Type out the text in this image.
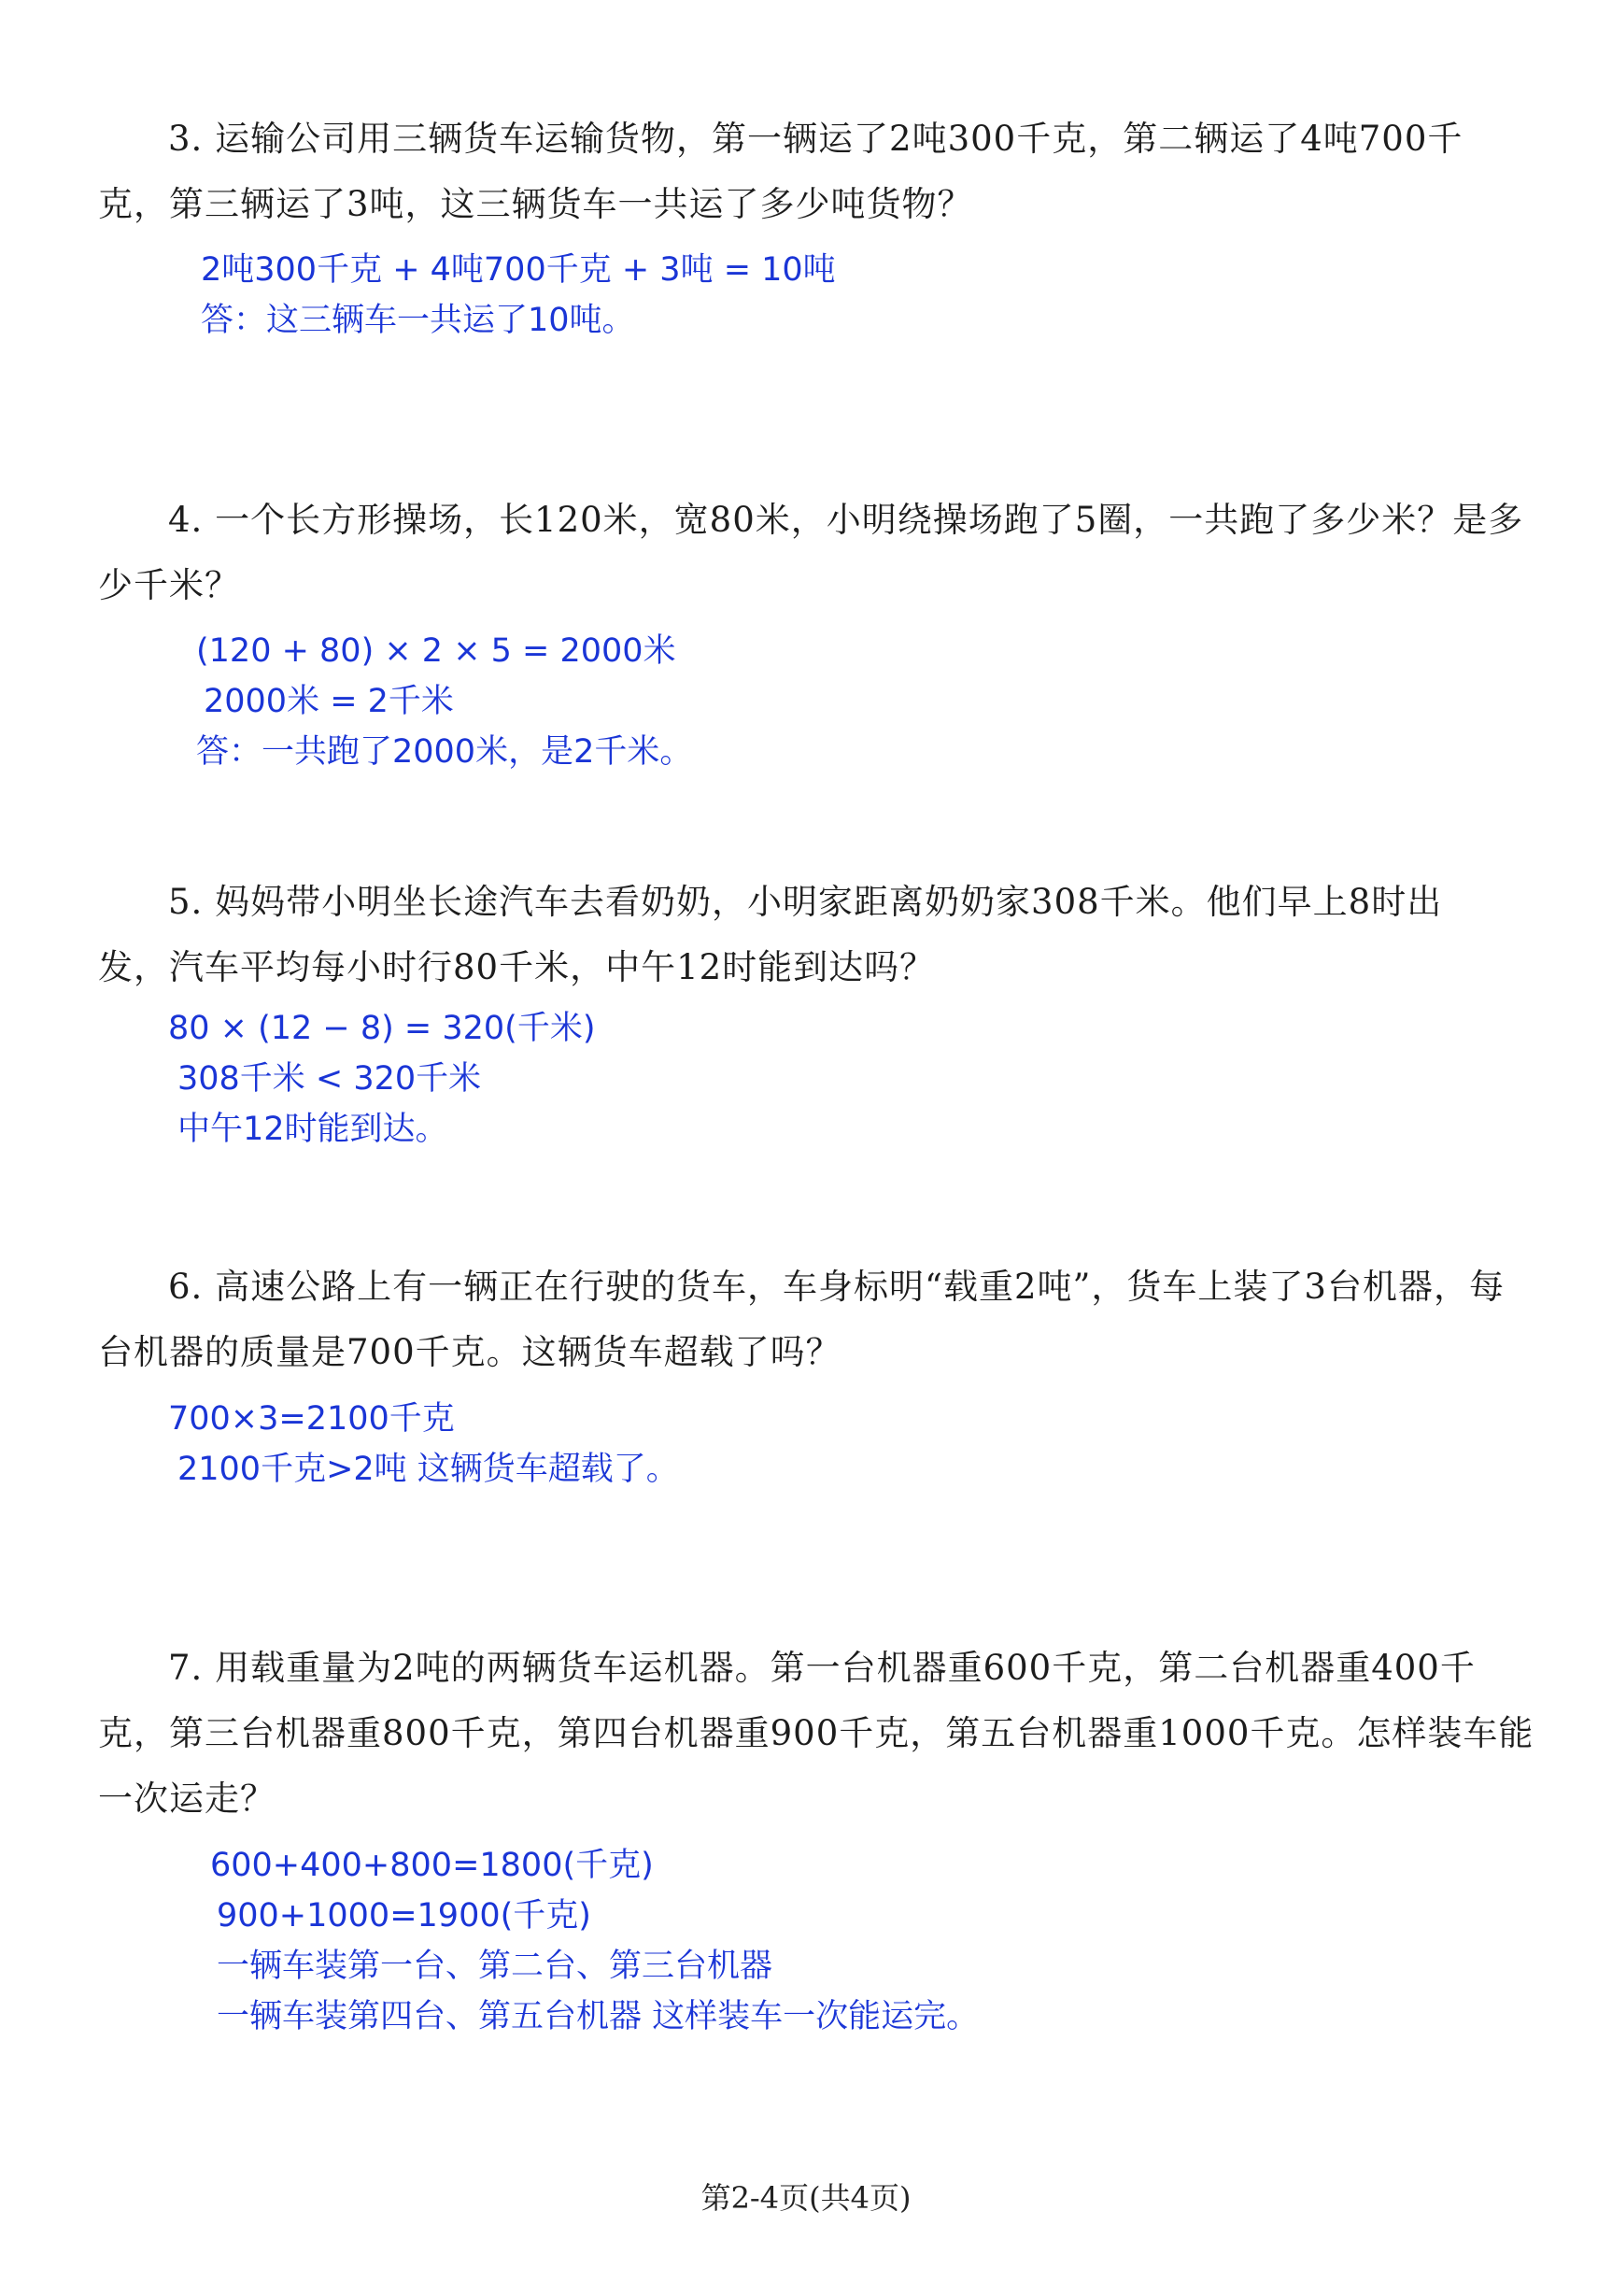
3. 运输公司用三辆货车运输货物，第一辆运了2吨300千克，第二辆运了4吨700千
克，第三辆运了3吨，这三辆货车一共运了多少吨货物？
2吨300千克 + 4吨700千克 + 3吨 = 10吨
答：这三辆车一共运了10吨。
4. 一个长方形操场，长120米，宽80米，小明绕操场跑了5圈，一共跑了多少米？是多
少千米？
(120 + 80) × 2 × 5 = 2000米
2000米 = 2千米
答：一共跑了2000米，是2千米。
5. 妈妈带小明坐长途汽车去看奶奶，小明家距离奶奶家308千米。他们早上8时出
发，汽车平均每小时行80千米，中午12时能到达吗？
80 × (12 − 8) = 320(千米)
308千米 < 320千米
中午12时能到达。
6. 高速公路上有一辆正在行驶的货车，车身标明“载重2吨”，货车上装了3台机器，每
台机器的质量是700千克。这辆货车超载了吗？
700×3=2100千克
2100千克>2吨 这辆货车超载了。
7. 用载重量为2吨的两辆货车运机器。第一台机器重600千克，第二台机器重400千
克，第三台机器重800千克，第四台机器重900千克，第五台机器重1000千克。怎样装车能
一次运走？
600+400+800=1800(千克)
900+1000=1900(千克)
一辆车装第一台、第二台、第三台机器
一辆车装第四台、第五台机器 这样装车一次能运完。
第2-4页(共4页)
